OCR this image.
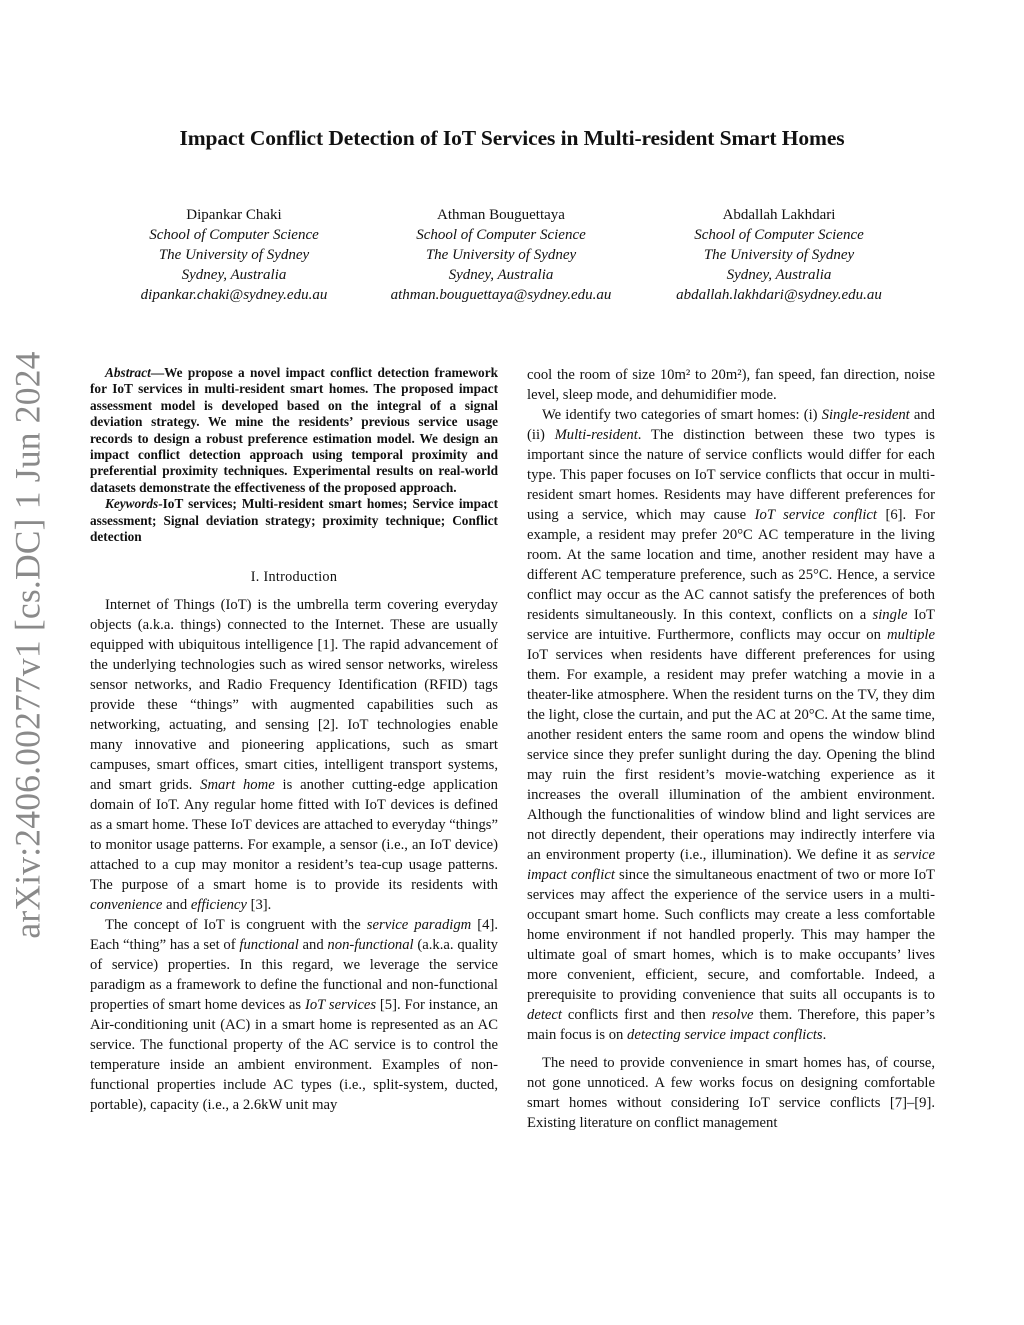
arXiv:2406.00277v1 [cs.DC] 1 Jun 2024
Impact Conflict Detection of IoT Services in Multi-resident Smart Homes
Dipankar Chaki
School of Computer Science
The University of Sydney
Sydney, Australia
dipankar.chaki@sydney.edu.au
Athman Bouguettaya
School of Computer Science
The University of Sydney
Sydney, Australia
athman.bouguettaya@sydney.edu.au
Abdallah Lakhdari
School of Computer Science
The University of Sydney
Sydney, Australia
abdallah.lakhdari@sydney.edu.au

Abstract—We propose a novel impact conflict detection framework for IoT services in multi-resident smart homes. The proposed impact assessment model is developed based on the integral of a signal deviation strategy. We mine the residents’ previous service usage records to design a robust preference estimation model. We design an impact conflict detection approach using temporal proximity and preferential proximity techniques. Experimental results on real-world datasets demonstrate the effectiveness of the proposed approach.

Keywords-IoT services; Multi-resident smart homes; Service impact assessment; Signal deviation strategy; proximity technique; Conflict detection

I. Introduction

Internet of Things (IoT) is the umbrella term covering everyday objects (a.k.a. things) connected to the Internet. These are usually equipped with ubiquitous intelligence [1]. The rapid advancement of the underlying technologies such as wired sensor networks, wireless sensor networks, and Radio Frequency Identification (RFID) tags provide these “things” with augmented capabilities such as networking, actuating, and sensing [2]. IoT technologies enable many innovative and pioneering applications, such as smart campuses, smart offices, smart cities, intelligent transport systems, and smart grids. Smart home is another cutting-edge application domain of IoT. Any regular home fitted with IoT devices is defined as a smart home. These IoT devices are attached to everyday “things” to monitor usage patterns. For example, a sensor (i.e., an IoT device) attached to a cup may monitor a resident’s tea-cup usage patterns. The purpose of a smart home is to provide its residents with convenience and efficiency [3].

The concept of IoT is congruent with the service paradigm [4]. Each “thing” has a set of functional and non-functional (a.k.a. quality of service) properties. In this regard, we leverage the service paradigm as a framework to define the functional and non-functional properties of smart home devices as IoT services [5]. For instance, an Air-conditioning unit (AC) in a smart home is represented as an AC service. The functional property of the AC service is to control the temperature inside an ambient environment. Examples of non-functional properties include AC types (i.e., split-system, ducted, portable), capacity (i.e., a 2.6kW unit may

cool the room of size 10m² to 20m²), fan speed, fan direction, noise level, sleep mode, and dehumidifier mode.

We identify two categories of smart homes: (i) Single-resident and (ii) Multi-resident. The distinction between these two types is important since the nature of service conflicts would differ for each type. This paper focuses on IoT service conflicts that occur in multi-resident smart homes. Residents may have different preferences for using a service, which may cause IoT service conflict [6]. For example, a resident may prefer 20°C AC temperature in the living room. At the same location and time, another resident may have a different AC temperature preference, such as 25°C. Hence, a service conflict may occur as the AC cannot satisfy the preferences of both residents simultaneously. In this context, conflicts on a single IoT service are intuitive. Furthermore, conflicts may occur on multiple IoT services when residents have different preferences for using them. For example, a resident may prefer watching a movie in a theater-like atmosphere. When the resident turns on the TV, they dim the light, close the curtain, and put the AC at 20°C. At the same time, another resident enters the same room and opens the window blind service since they prefer sunlight during the day. Opening the blind may ruin the first resident’s movie-watching experience as it increases the overall illumination of the ambient environment. Although the functionalities of window blind and light services are not directly dependent, their operations may indirectly interfere via an environment property (i.e., illumination). We define it as service impact conflict since the simultaneous enactment of two or more IoT services may affect the experience of the service users in a multi-occupant smart home. Such conflicts may create a less comfortable home environment if not handled properly. This may hamper the ultimate goal of smart homes, which is to make occupants’ lives more convenient, efficient, secure, and comfortable. Indeed, a prerequisite to providing convenience that suits all occupants is to detect conflicts first and then resolve them. Therefore, this paper’s main focus is on detecting service impact conflicts.

The need to provide convenience in smart homes has, of course, not gone unnoticed. A few works focus on designing comfortable smart homes without considering IoT service conflicts [7]–[9]. Existing literature on conflict management
